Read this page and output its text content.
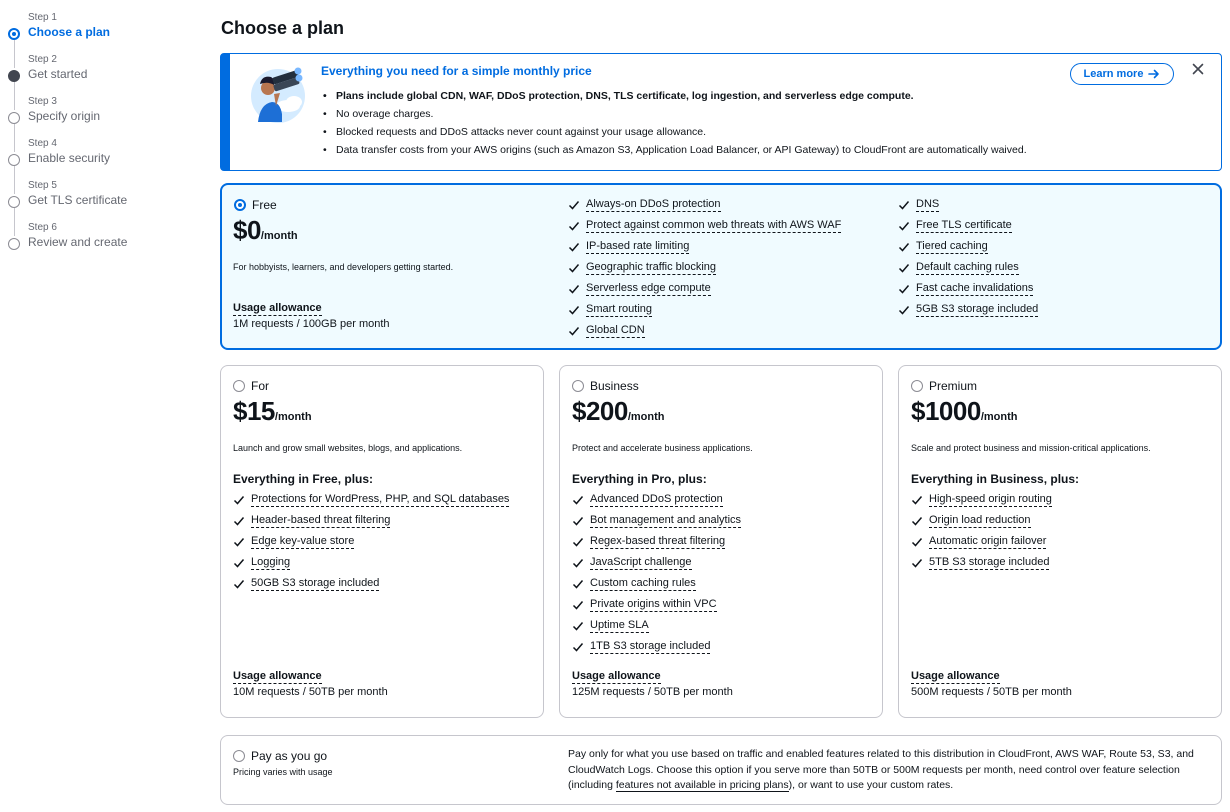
Step 1
Choose a plan
Step 2
Get started
Step 3
Specify origin
Step 4
Enable security
Step 5
Get TLS certificate
Step 6
Review and create
Choose a plan
Everything you need for a simple monthly price
• Plans include global CDN, WAF, DDoS protection, DNS, TLS certificate, log ingestion, and serverless edge compute.
• No overage charges.
• Blocked requests and DDoS attacks never count against your usage allowance.
• Data transfer costs from your AWS origins (such as Amazon S3, Application Load Balancer, or API Gateway) to CloudFront are automatically waived.
Learn more
Free
$0/month
For hobbyists, learners, and developers getting started.
Usage allowance
1M requests / 100GB per month
Always-on DDoS protection
Protect against common web threats with AWS WAF
IP-based rate limiting
Geographic traffic blocking
Serverless edge compute
Smart routing
Global CDN
DNS
Free TLS certificate
Tiered caching
Default caching rules
Fast cache invalidations
5GB S3 storage included
For
$15/month
Launch and grow small websites, blogs, and applications.
Everything in Free, plus:
Protections for WordPress, PHP, and SQL databases
Header-based threat filtering
Edge key-value store
Logging
50GB S3 storage included
Usage allowance
10M requests / 50TB per month
Business
$200/month
Protect and accelerate business applications.
Everything in Pro, plus:
Advanced DDoS protection
Bot management and analytics
Regex-based threat filtering
JavaScript challenge
Custom caching rules
Private origins within VPC
Uptime SLA
1TB S3 storage included
Usage allowance
125M requests / 50TB per month
Premium
$1000/month
Scale and protect business and mission-critical applications.
Everything in Business, plus:
High-speed origin routing
Origin load reduction
Automatic origin failover
5TB S3 storage included
Usage allowance
500M requests / 50TB per month
Pay as you go
Pricing varies with usage
Pay only for what you use based on traffic and enabled features related to this distribution in CloudFront, AWS WAF, Route 53, S3, and CloudWatch Logs. Choose this option if you serve more than 50TB or 500M requests per month, need control over feature selection (including features not available in pricing plans), or want to use your custom rates.
